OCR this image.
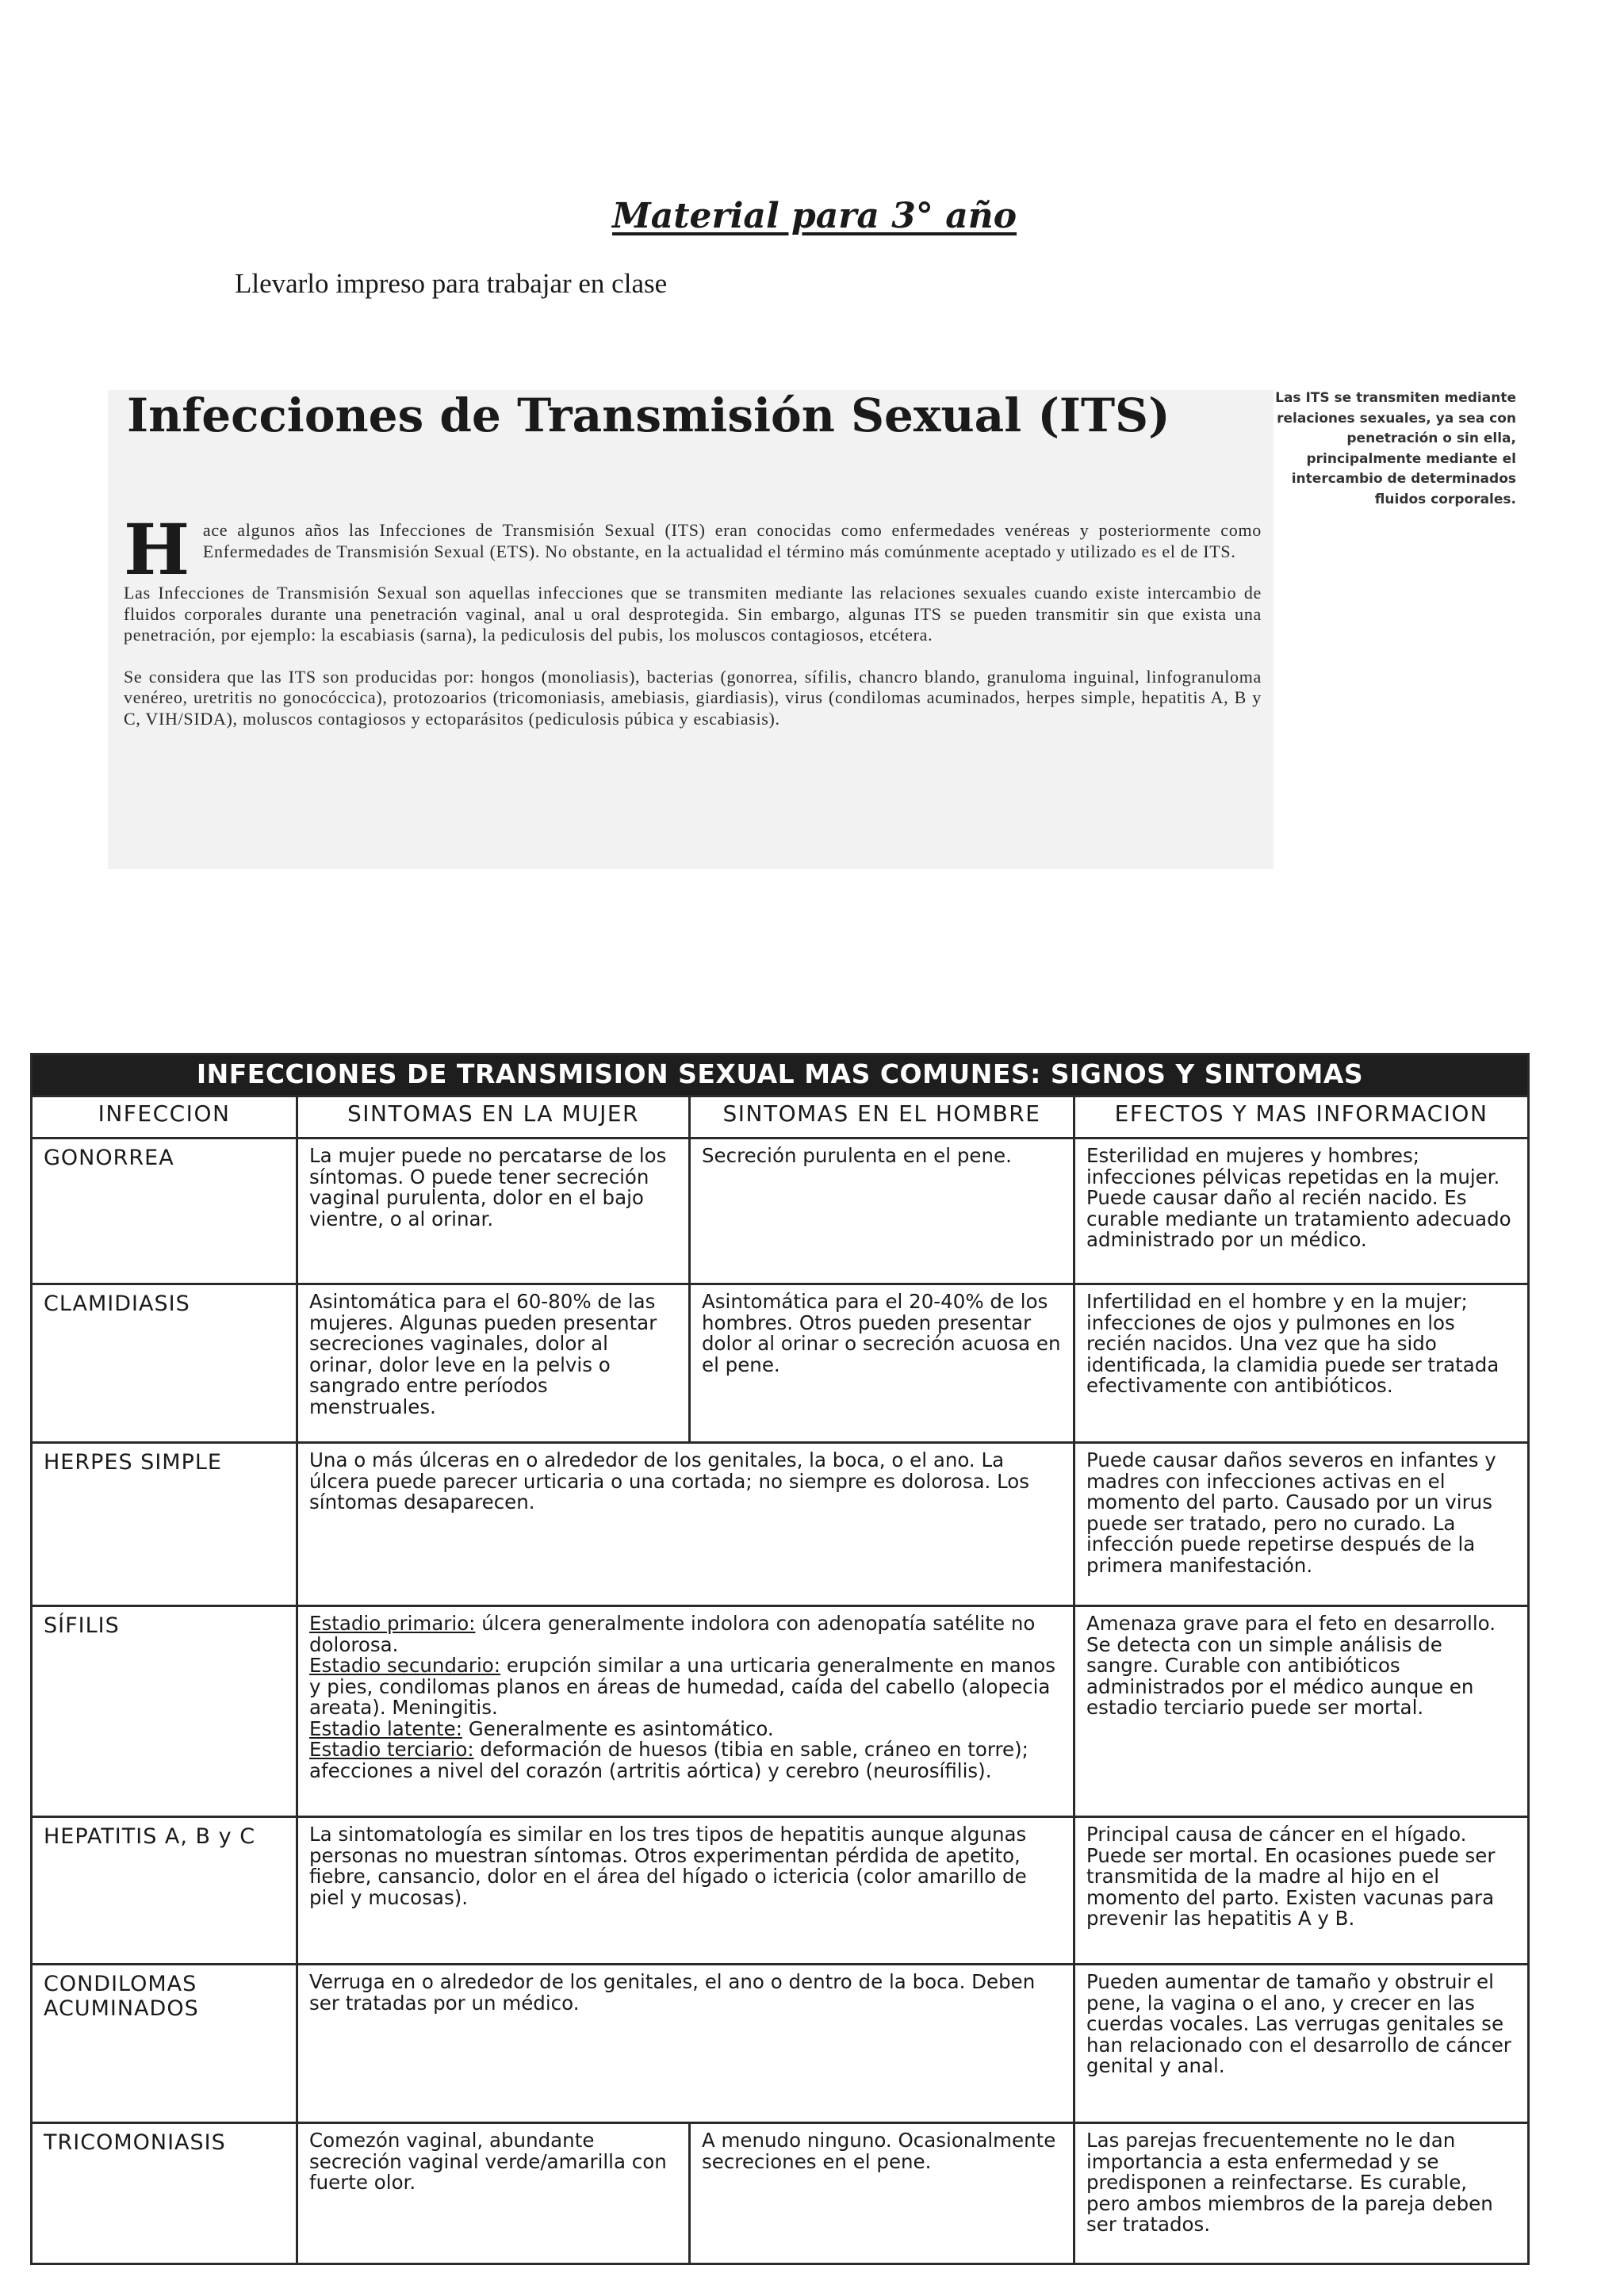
Material para 3° año
Llevarlo impreso para trabajar en clase
Infecciones de Transmisión Sexual (ITS)

Hace algunos años las Infecciones de Transmisión Sexual (ITS) eran conocidas como enfermedades venéreas y posteriormente como Enfermedades de Transmisión Sexual (ETS). No obstante, en la actualidad el término más comúnmente aceptado y utilizado es el de ITS.

Las Infecciones de Transmisión Sexual son aquellas infecciones que se transmiten mediante las relaciones sexuales cuando existe intercambio de fluidos corporales durante una penetración vaginal, anal u oral desprotegida. Sin embargo, algunas ITS se pueden transmitir sin que exista una penetración, por ejemplo: la escabiasis (sarna), la pediculosis del pubis, los moluscos contagiosos, etcétera.

Se considera que las ITS son producidas por: hongos (monoliasis), bacterias (gonorrea, sífilis, chancro blando, granuloma inguinal, linfogranuloma venéreo, uretritis no gonocóccica), protozoarios (tricomoniasis, amebiasis, giardiasis), virus (condilomas acuminados, herpes simple, hepatitis A, B y C, VIH/SIDA), moluscos contagiosos y ectoparásitos (pediculosis púbica y escabiasis).

Las ITS se transmiten mediante relaciones sexuales, ya sea con penetración o sin ella, principalmente mediante el intercambio de determinados fluidos corporales.
INFECCIONES DE TRANSMISION SEXUAL MAS COMUNES: SIGNOS Y SINTOMAS			
INFECCION	SINTOMAS EN LA MUJER	SINTOMAS EN EL HOMBRE	EFECTOS Y MAS INFORMACION
GONORREA	La mujer puede no percatarse de los síntomas. O puede tener secreción vaginal purulenta, dolor en el bajo vientre, o al orinar.	Secreción purulenta en el pene.	Esterilidad en mujeres y hombres; infecciones pélvicas repetidas en la mujer. Puede causar daño al recién nacido. Es curable mediante un tratamiento adecuado administrado por un médico.
CLAMIDIASIS	Asintomática para el 60-80% de las mujeres. Algunas pueden presentar secreciones vaginales, dolor al orinar, dolor leve en la pelvis o sangrado entre períodos menstruales.	Asintomática para el 20-40% de los hombres. Otros pueden presentar dolor al orinar o secreción acuosa en el pene.	Infertilidad en el hombre y en la mujer; infecciones de ojos y pulmones en los recién nacidos. Una vez que ha sido identificada, la clamidia puede ser tratada efectivamente con antibióticos.
HERPES SIMPLE	Una o más úlceras en o alrededor de los genitales, la boca, o el ano. La úlcera puede parecer urticaria o una cortada; no siempre es dolorosa. Los síntomas desaparecen.		Puede causar daños severos en infantes y madres con infecciones activas en el momento del parto. Causado por un virus puede ser tratado, pero no curado. La infección puede repetirse después de la primera manifestación.
SÍFILIS	Estadio primario: úlcera generalmente indolora con adenopatía satélite no dolorosa.
Estadio secundario: erupción similar a una urticaria generalmente en manos y pies, condilomas planos en áreas de humedad, caída del cabello (alopecia areata). Meningitis.
Estadio latente: Generalmente es asintomático.
Estadio terciario: deformación de huesos (tibia en sable, cráneo en torre); afecciones a nivel del corazón (artritis aórtica) y cerebro (neurosífilis).		Amenaza grave para el feto en desarrollo. Se detecta con un simple análisis de sangre. Curable con antibióticos administrados por el médico aunque en estadio terciario puede ser mortal.
HEPATITIS A, B y C	La sintomatología es similar en los tres tipos de hepatitis aunque algunas personas no muestran síntomas. Otros experimentan pérdida de apetito, fiebre, cansancio, dolor en el área del hígado o ictericia (color amarillo de piel y mucosas).		Principal causa de cáncer en el hígado. Puede ser mortal. En ocasiones puede ser transmitida de la madre al hijo en el momento del parto. Existen vacunas para prevenir las hepatitis A y B.
CONDILOMAS ACUMINADOS	Verruga en o alrededor de los genitales, el ano o dentro de la boca. Deben ser tratadas por un médico.		Pueden aumentar de tamaño y obstruir el pene, la vagina o el ano, y crecer en las cuerdas vocales. Las verrugas genitales se han relacionado con el desarrollo de cáncer genital y anal.
TRICOMONIASIS	Comezón vaginal, abundante secreción vaginal verde/amarilla con fuerte olor.	A menudo ninguno. Ocasionalmente secreciones en el pene.	Las parejas frecuentemente no le dan importancia a esta enfermedad y se predisponen a reinfectarse. Es curable, pero ambos miembros de la pareja deben ser tratados.
